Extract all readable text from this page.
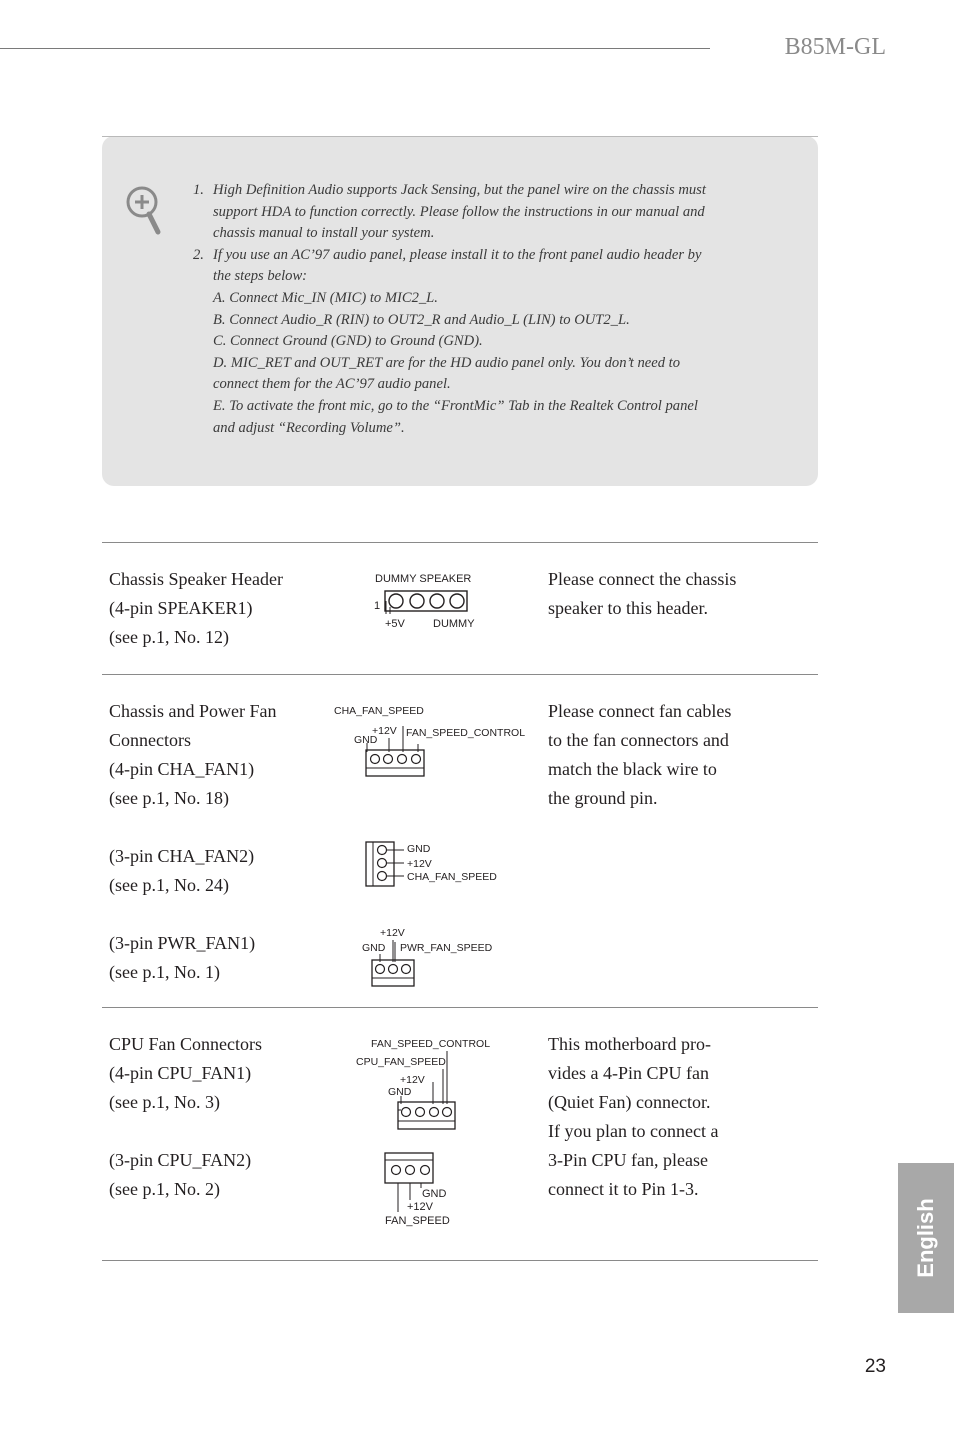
B85M-GL
1. High Definition Audio supports Jack Sensing, but the panel wire on the chassis must
support HDA to function correctly. Please follow the instructions in our manual and
chassis manual to install your system.
2. If you use an AC’97 audio panel, please install it to the front panel audio header by
the steps below:
A. Connect Mic_IN (MIC) to MIC2_L.
B. Connect Audio_R (RIN) to OUT2_R and Audio_L (LIN) to OUT2_L.
C. Connect Ground (GND) to Ground (GND).
D. MIC_RET and OUT_RET are for the HD audio panel only. You don’t need to
connect them for the AC’97 audio panel.
E. To activate the front mic, go to the “FrontMic” Tab in the Realtek Control panel
and adjust “Recording Volume”.
Chassis Speaker Header
(4-pin SPEAKER1)
(see p.1, No. 12)
Please connect the chassis
speaker to this header.
DUMMY SPEAKER
1
+5V	DUMMY
Chassis and Power Fan
Connectors
(4-pin CHA_FAN1)
(see p.1, No. 18)
(3-pin CHA_FAN2)
(see p.1, No. 24)
(3-pin PWR_FAN1)
(see p.1, No. 1)
Please connect fan cables
to the fan connectors and
match the black wire to
the ground pin.
CHA_FAN_SPEED
+12V
GND
FAN_SPEED_CONTROL
GND
+12V
CHA_FAN_SPEED
+12V
GND PWR_FAN_SPEED
CPU Fan Connectors
(4-pin CPU_FAN1)
(see p.1, No. 3)
(3-pin CPU_FAN2)
(see p.1, No. 2)
This motherboard pro-
vides a 4-Pin CPU fan
(Quiet Fan) connector.
If you plan to connect a
3-Pin CPU fan, please
connect it to Pin 1-3.
FAN_SPEED_CONTROL
CPU_FAN_SPEED
+12V
GND
GND
+12V
FAN_SPEED	English
23
